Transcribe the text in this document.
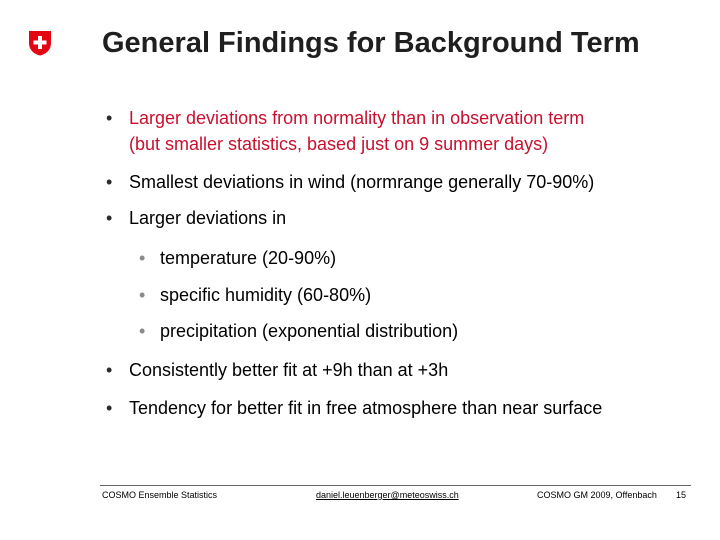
General Findings for Background Term
• Larger deviations from normality than in observation term
(but smaller statistics, based just on 9 summer days)
• Smallest deviations in wind (normrange generally 70-90%)
• Larger deviations in
• temperature (20-90%)
• specific humidity (60-80%)
• precipitation (exponential distribution)
• Consistently better fit at +9h than at +3h
• Tendency for better fit in free atmosphere than near surface
COSMO Ensemble Statistics	daniel.leuenberger@meteoswiss.ch	COSMO GM 2009, Offenbach 15
